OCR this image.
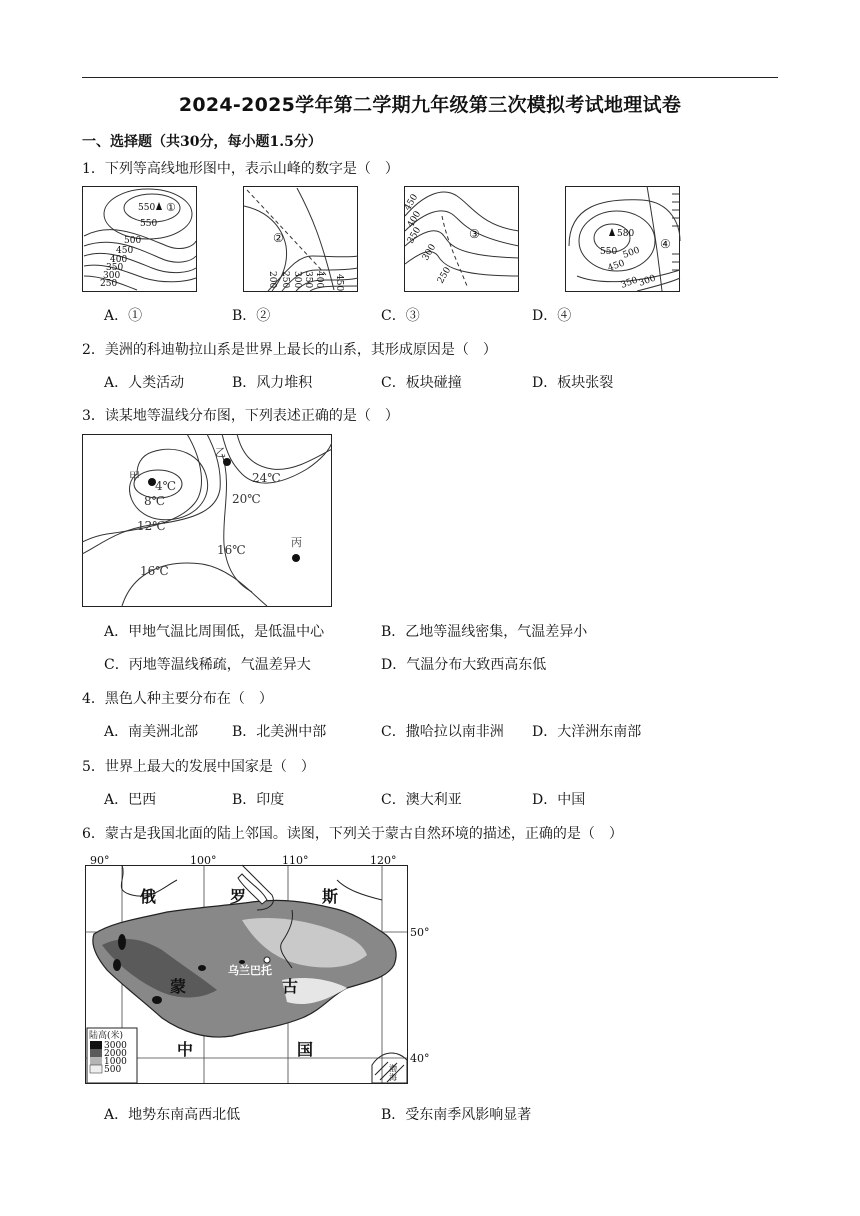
2024-2025学年第二学期九年级第三次模拟考试地理试卷
一、选择题（共30分，每小题1.5分）
1．下列等高线地形图中，表示山峰的数字是（　）
550 ①
550
500
450
400
350
300
250
②
200 250 300 350 400 450
450
400
350
300
③
250
580
④
550 500
450
350
300
A．①	B．②	C．③	D．④
2．美洲的科迪勒拉山系是世界上最长的山系，其形成原因是（　）
A．人类活动	B．风力堆积	C．板块碰撞	D．板块张裂
3．读某地等温线分布图，下列表述正确的是（　）
甲
乙
丙
4℃
8℃
12℃
16℃
16℃
20℃
24℃
A．甲地气温比周围低，是低温中心	B．乙地等温线密集，气温差异小
C．丙地等温线稀疏，气温差异大	D．气温分布大致西高东低
4．黑色人种主要分布在（　）
A．南美洲北部 B．北美洲中部	C．撒哈拉以南非洲 D．大洋洲东南部
5．世界上最大的发展中国家是（　）
A．巴西	B．印度	C．澳大利亚	D．中国
6．蒙古是我国北面的陆上邻国。读图，下列关于蒙古自然环境的描述，正确的是（　）
90°	100°	110°	120°
50°
40°
俄	罗	斯
蒙	古
中	国
乌兰巴托
渤
海
陆高(米)
3000
2000
1000
500
A．地势东南高西北低	B．受东南季风影响显著
